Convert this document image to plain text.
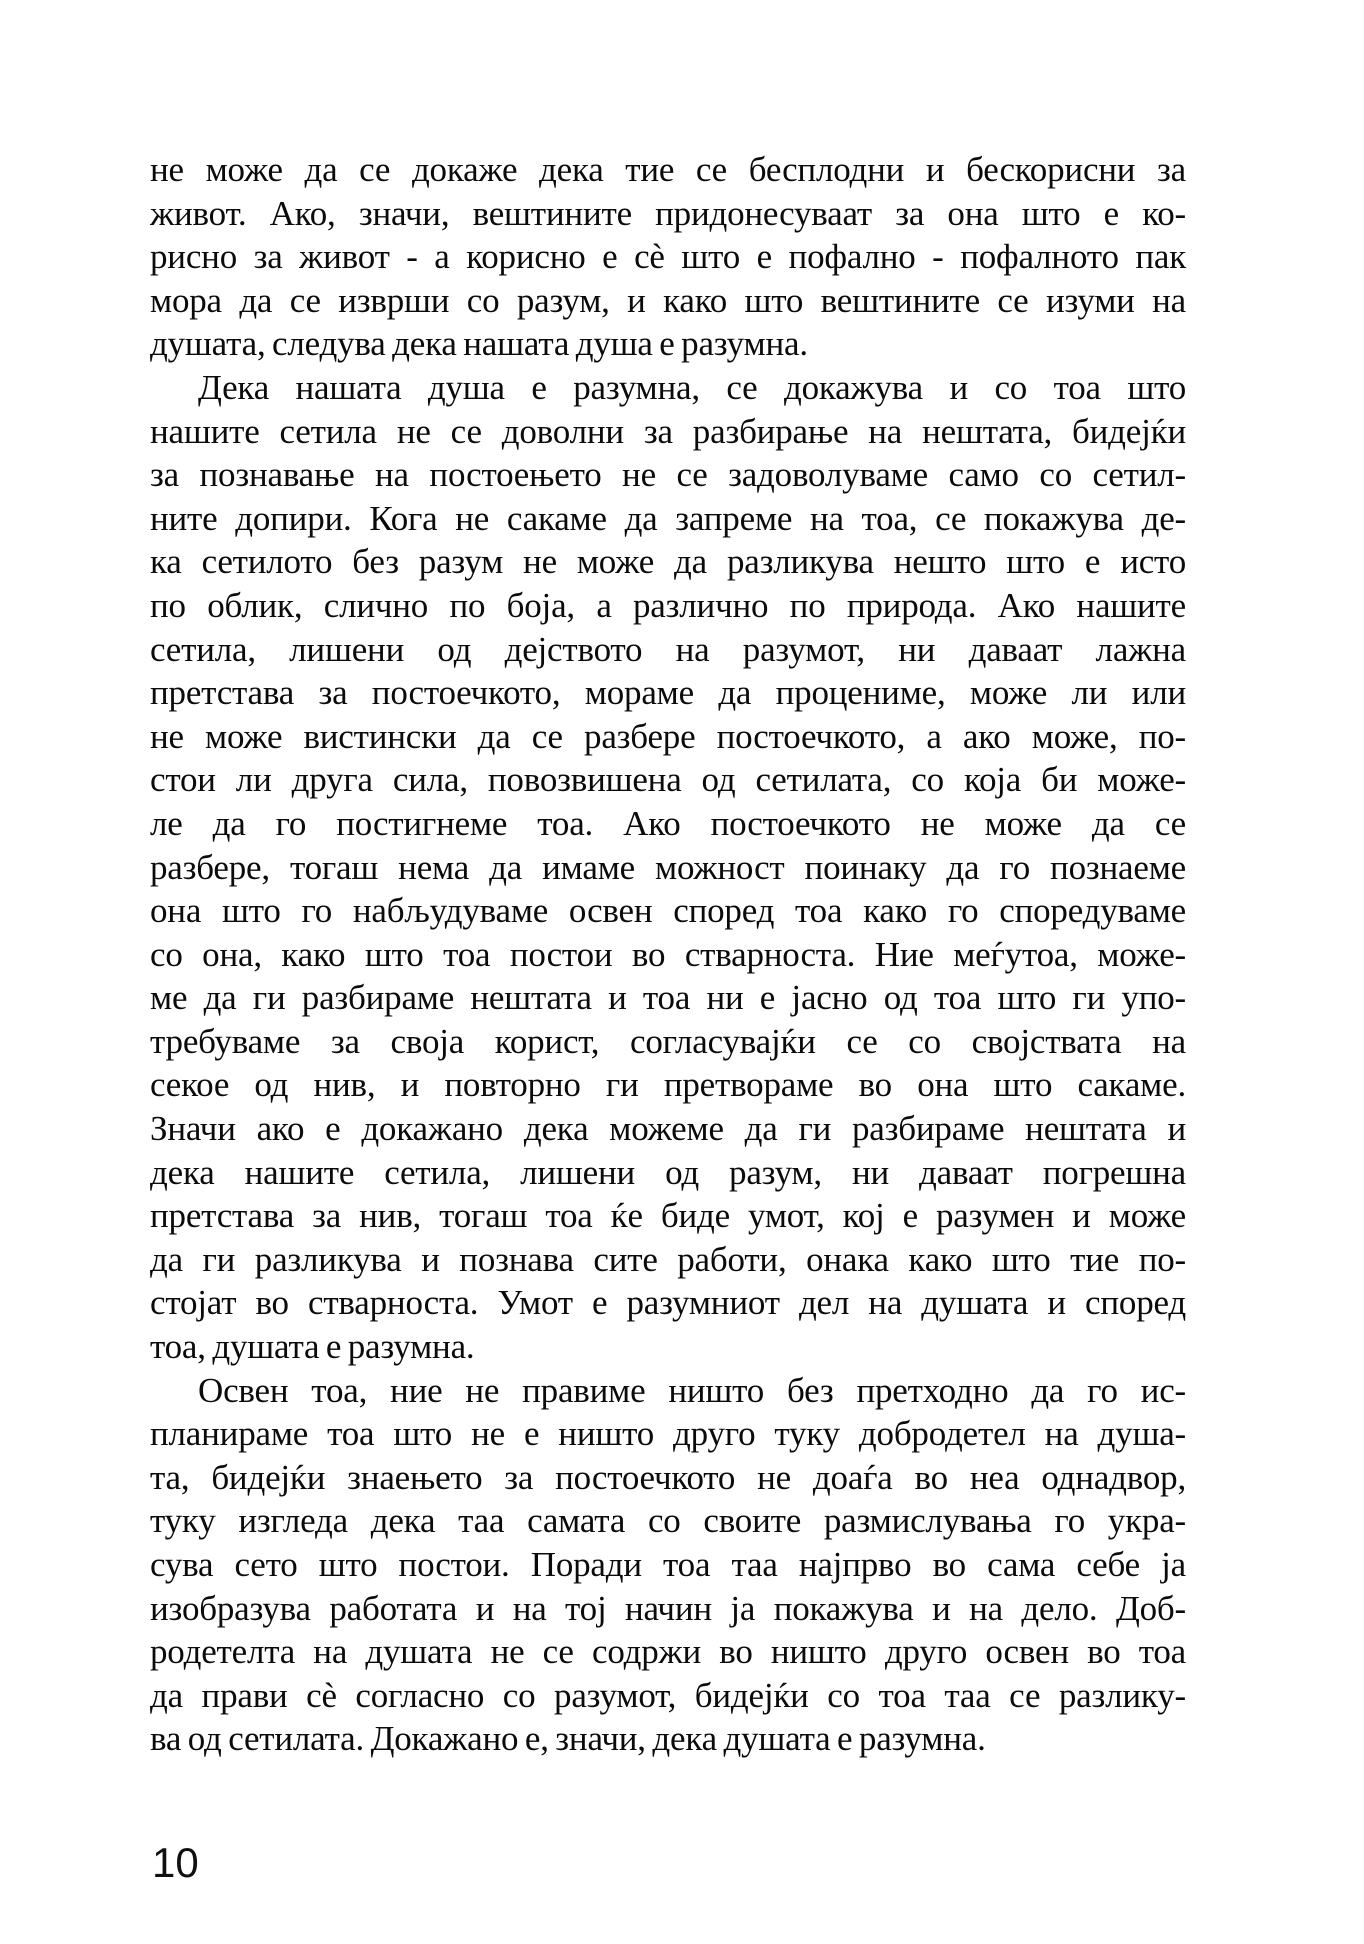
не може да се докаже дека тие се бесплодни и бескорисни за
живот. Ако, значи, вештините придонесуваат за она што е ко-
рисно за живот - а корисно е сѐ што е пофално - пофалното пак
мора да се изврши со разум, и како што вештините се изуми на
душата, следува дека нашата душа е разумна.

Дека нашата душа е разумна, се докажува и со тоа што
нашите сетила не се доволни за разбирање на нештата, бидејќи
за познавање на постоењето не се задоволуваме само со сетил-
ните допири. Кога не сакаме да запреме на тоа, се покажува де-
ка сетилото без разум не може да разликува нешто што е исто
по облик, слично по боја, а различно по природа. Ако нашите
сетила, лишени од дејството на разумот, ни даваат лажна
претстава за постоечкото, мораме да процениме, може ли или
не може вистински да се разбере постоечкото, а ако може, по-
стои ли друга сила, повозвишена од сетилата, со која би може-
ле да го постигнеме тоа. Ако постоечкото не може да се
разбере, тогаш нема да имаме можност поинаку да го познаеме
она што го набљудуваме освен според тоа како го споредуваме
со она, како што тоа постои во стварноста. Ние меѓутоа, може-
ме да ги разбираме нештата и тоа ни е јасно од тоа што ги упо-
требуваме за своја корист, согласувајќи се со својствата на
секое од нив, и повторно ги претвораме во она што сакаме.
Значи ако е докажано дека можеме да ги разбираме нештата и
дека нашите сетила, лишени од разум, ни даваат погрешна
претстава за нив, тогаш тоа ќе биде умот, кој е разумен и може
да ги разликува и познава сите работи, онака како што тие по-
стојат во стварноста. Умот е разумниот дел на душата и според
тоа, душата е разумна.

Освен тоа, ние не правиме ништо без претходно да го ис-
планираме тоа што не е ништо друго туку добродетел на душа-
та, бидејќи знаењето за постоечкото не доаѓа во неа однадвор,
туку изгледа дека таа самата со своите размислувања го укра-
сува сето што постои. Поради тоа таа најпрво во сама себе ја
изобразува работата и на тој начин ја покажува и на дело. Доб-
родетелта на душата не се содржи во ништо друго освен во тоа
да прави сѐ согласно со разумот, бидејќи со тоа таа се разлику-
ва од сетилата. Докажано е, значи, дека душата е разумна.

10
